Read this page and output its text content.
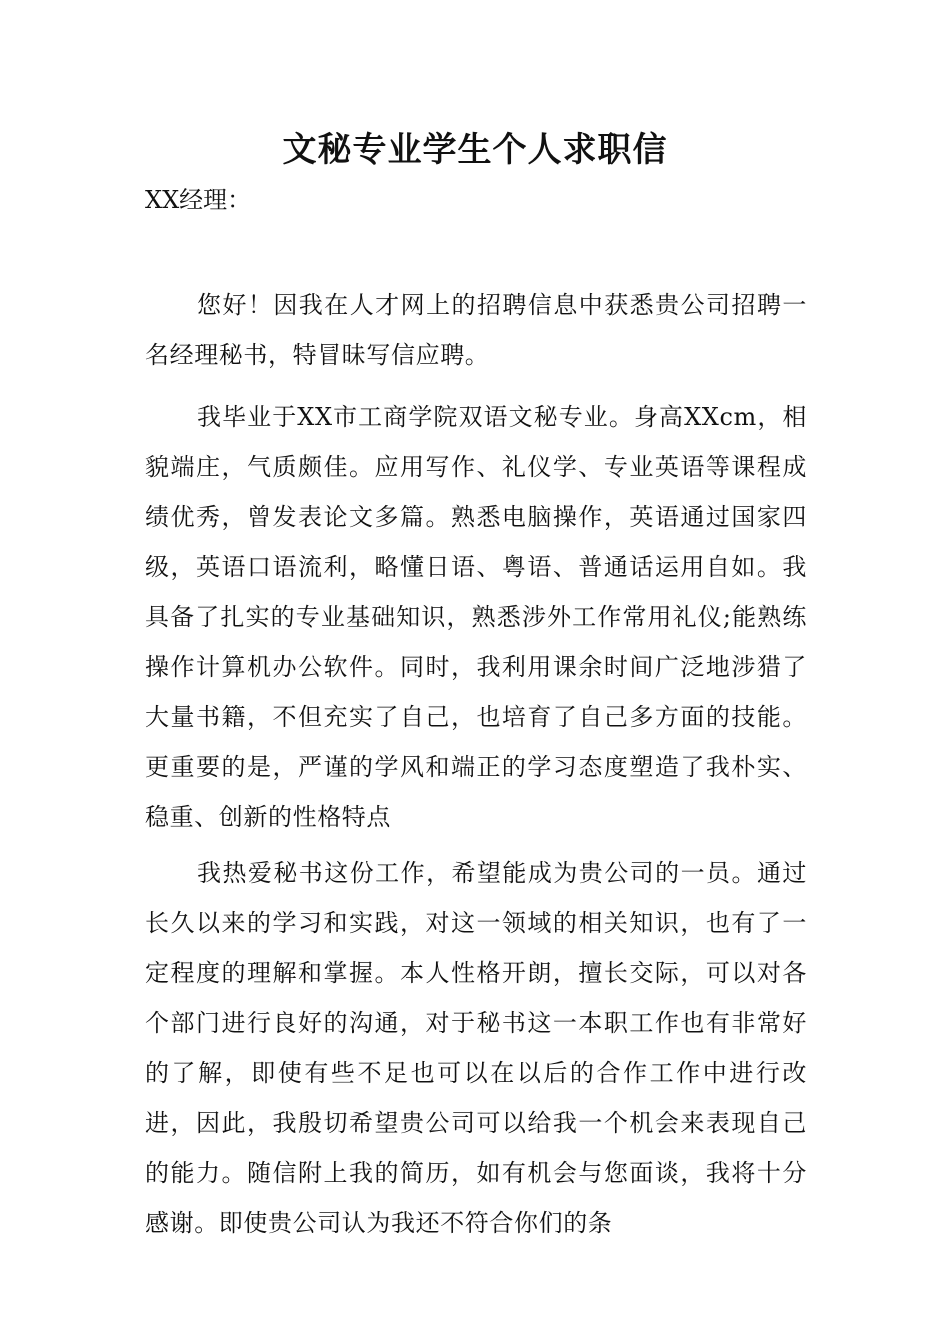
文秘专业学生个人求职信
XX经理：

您好！因我在人才网上的招聘信息中获悉贵公司招聘一名经理秘书，特冒昧写信应聘。

我毕业于XX市工商学院双语文秘专业。身高XXcm，相貌端庄，气质颇佳。应用写作、礼仪学、专业英语等课程成绩优秀，曾发表论文多篇。熟悉电脑操作，英语通过国家四级，英语口语流利，略懂日语、粤语、普通话运用自如。我具备了扎实的专业基础知识，熟悉涉外工作常用礼仪;能熟练操作计算机办公软件。同时，我利用课余时间广泛地涉猎了大量书籍，不但充实了自己，也培育了自己多方面的技能。更重要的是，严谨的学风和端正的学习态度塑造了我朴实、稳重、创新的性格特点

我热爱秘书这份工作，希望能成为贵公司的一员。通过长久以来的学习和实践，对这一领域的相关知识，也有了一定程度的理解和掌握。本人性格开朗，擅长交际，可以对各个部门进行良好的沟通，对于秘书这一本职工作也有非常好的了解，即使有些不足也可以在以后的合作工作中进行改进，因此，我殷切希望贵公司可以给我一个机会来表现自己的能力。随信附上我的简历，如有机会与您面谈，我将十分感谢。即使贵公司认为我还不符合你们的条
